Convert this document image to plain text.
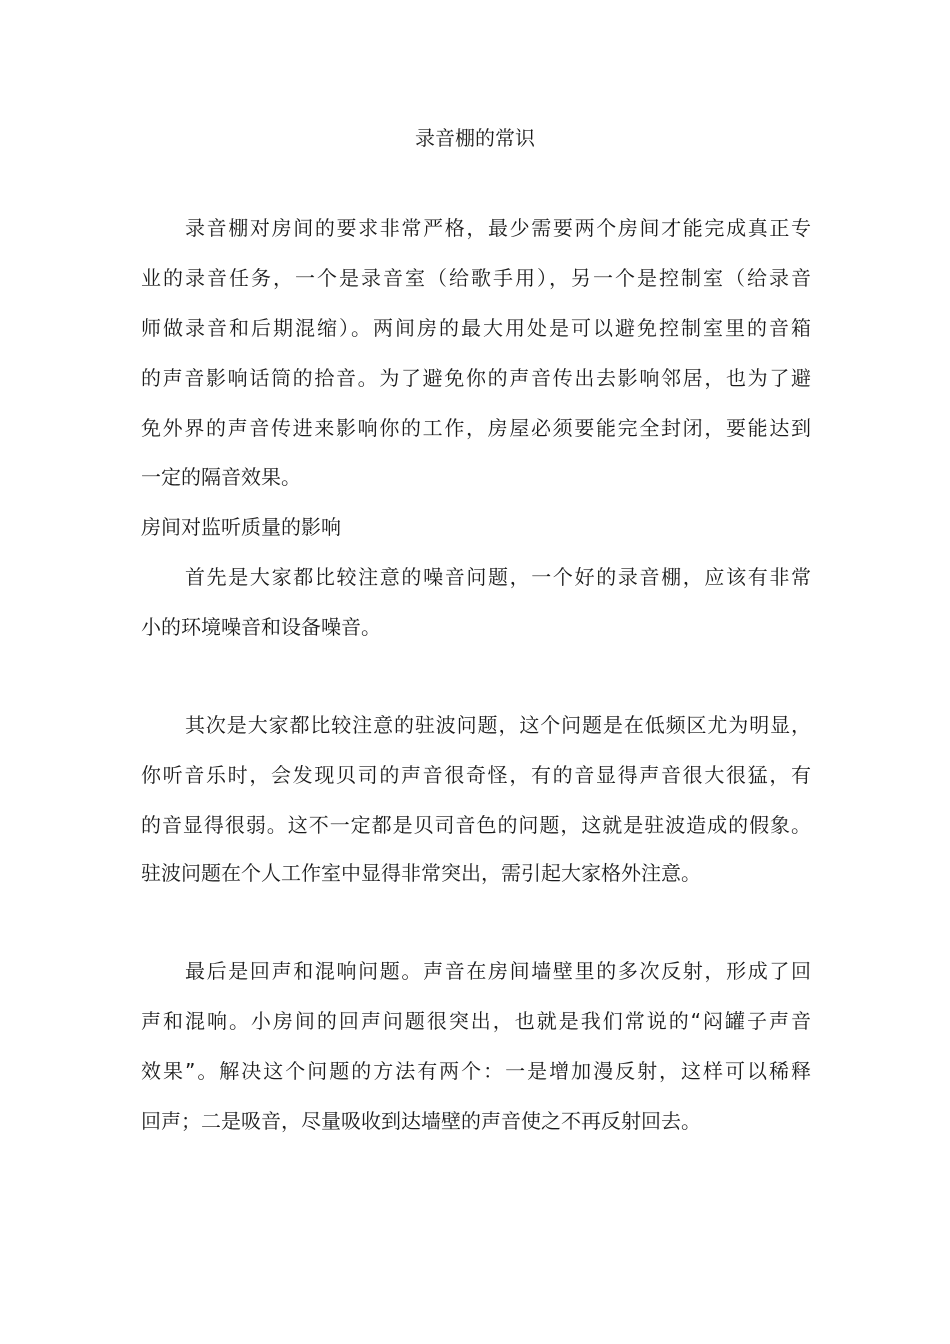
录音棚的常识
录音棚对房间的要求非常严格，最少需要两个房间才能完成真正专
业的录音任务，一个是录音室（给歌手用），另一个是控制室（给录音
师做录音和后期混缩）。两间房的最大用处是可以避免控制室里的音箱
的声音影响话筒的拾音。为了避免你的声音传出去影响邻居，也为了避
免外界的声音传进来影响你的工作，房屋必须要能完全封闭，要能达到
一定的隔音效果。
房间对监听质量的影响
首先是大家都比较注意的噪音问题，一个好的录音棚，应该有非常
小的环境噪音和设备噪音。
其次是大家都比较注意的驻波问题，这个问题是在低频区尤为明显，
你听音乐时，会发现贝司的声音很奇怪，有的音显得声音很大很猛，有
的音显得很弱。这不一定都是贝司音色的问题，这就是驻波造成的假象。
驻波问题在个人工作室中显得非常突出，需引起大家格外注意。
最后是回声和混响问题。声音在房间墙壁里的多次反射，形成了回
声和混响。小房间的回声问题很突出，也就是我们常说的“闷罐子声音
效果”。解决这个问题的方法有两个：一是增加漫反射，这样可以稀释
回声；二是吸音，尽量吸收到达墙壁的声音使之不再反射回去。
